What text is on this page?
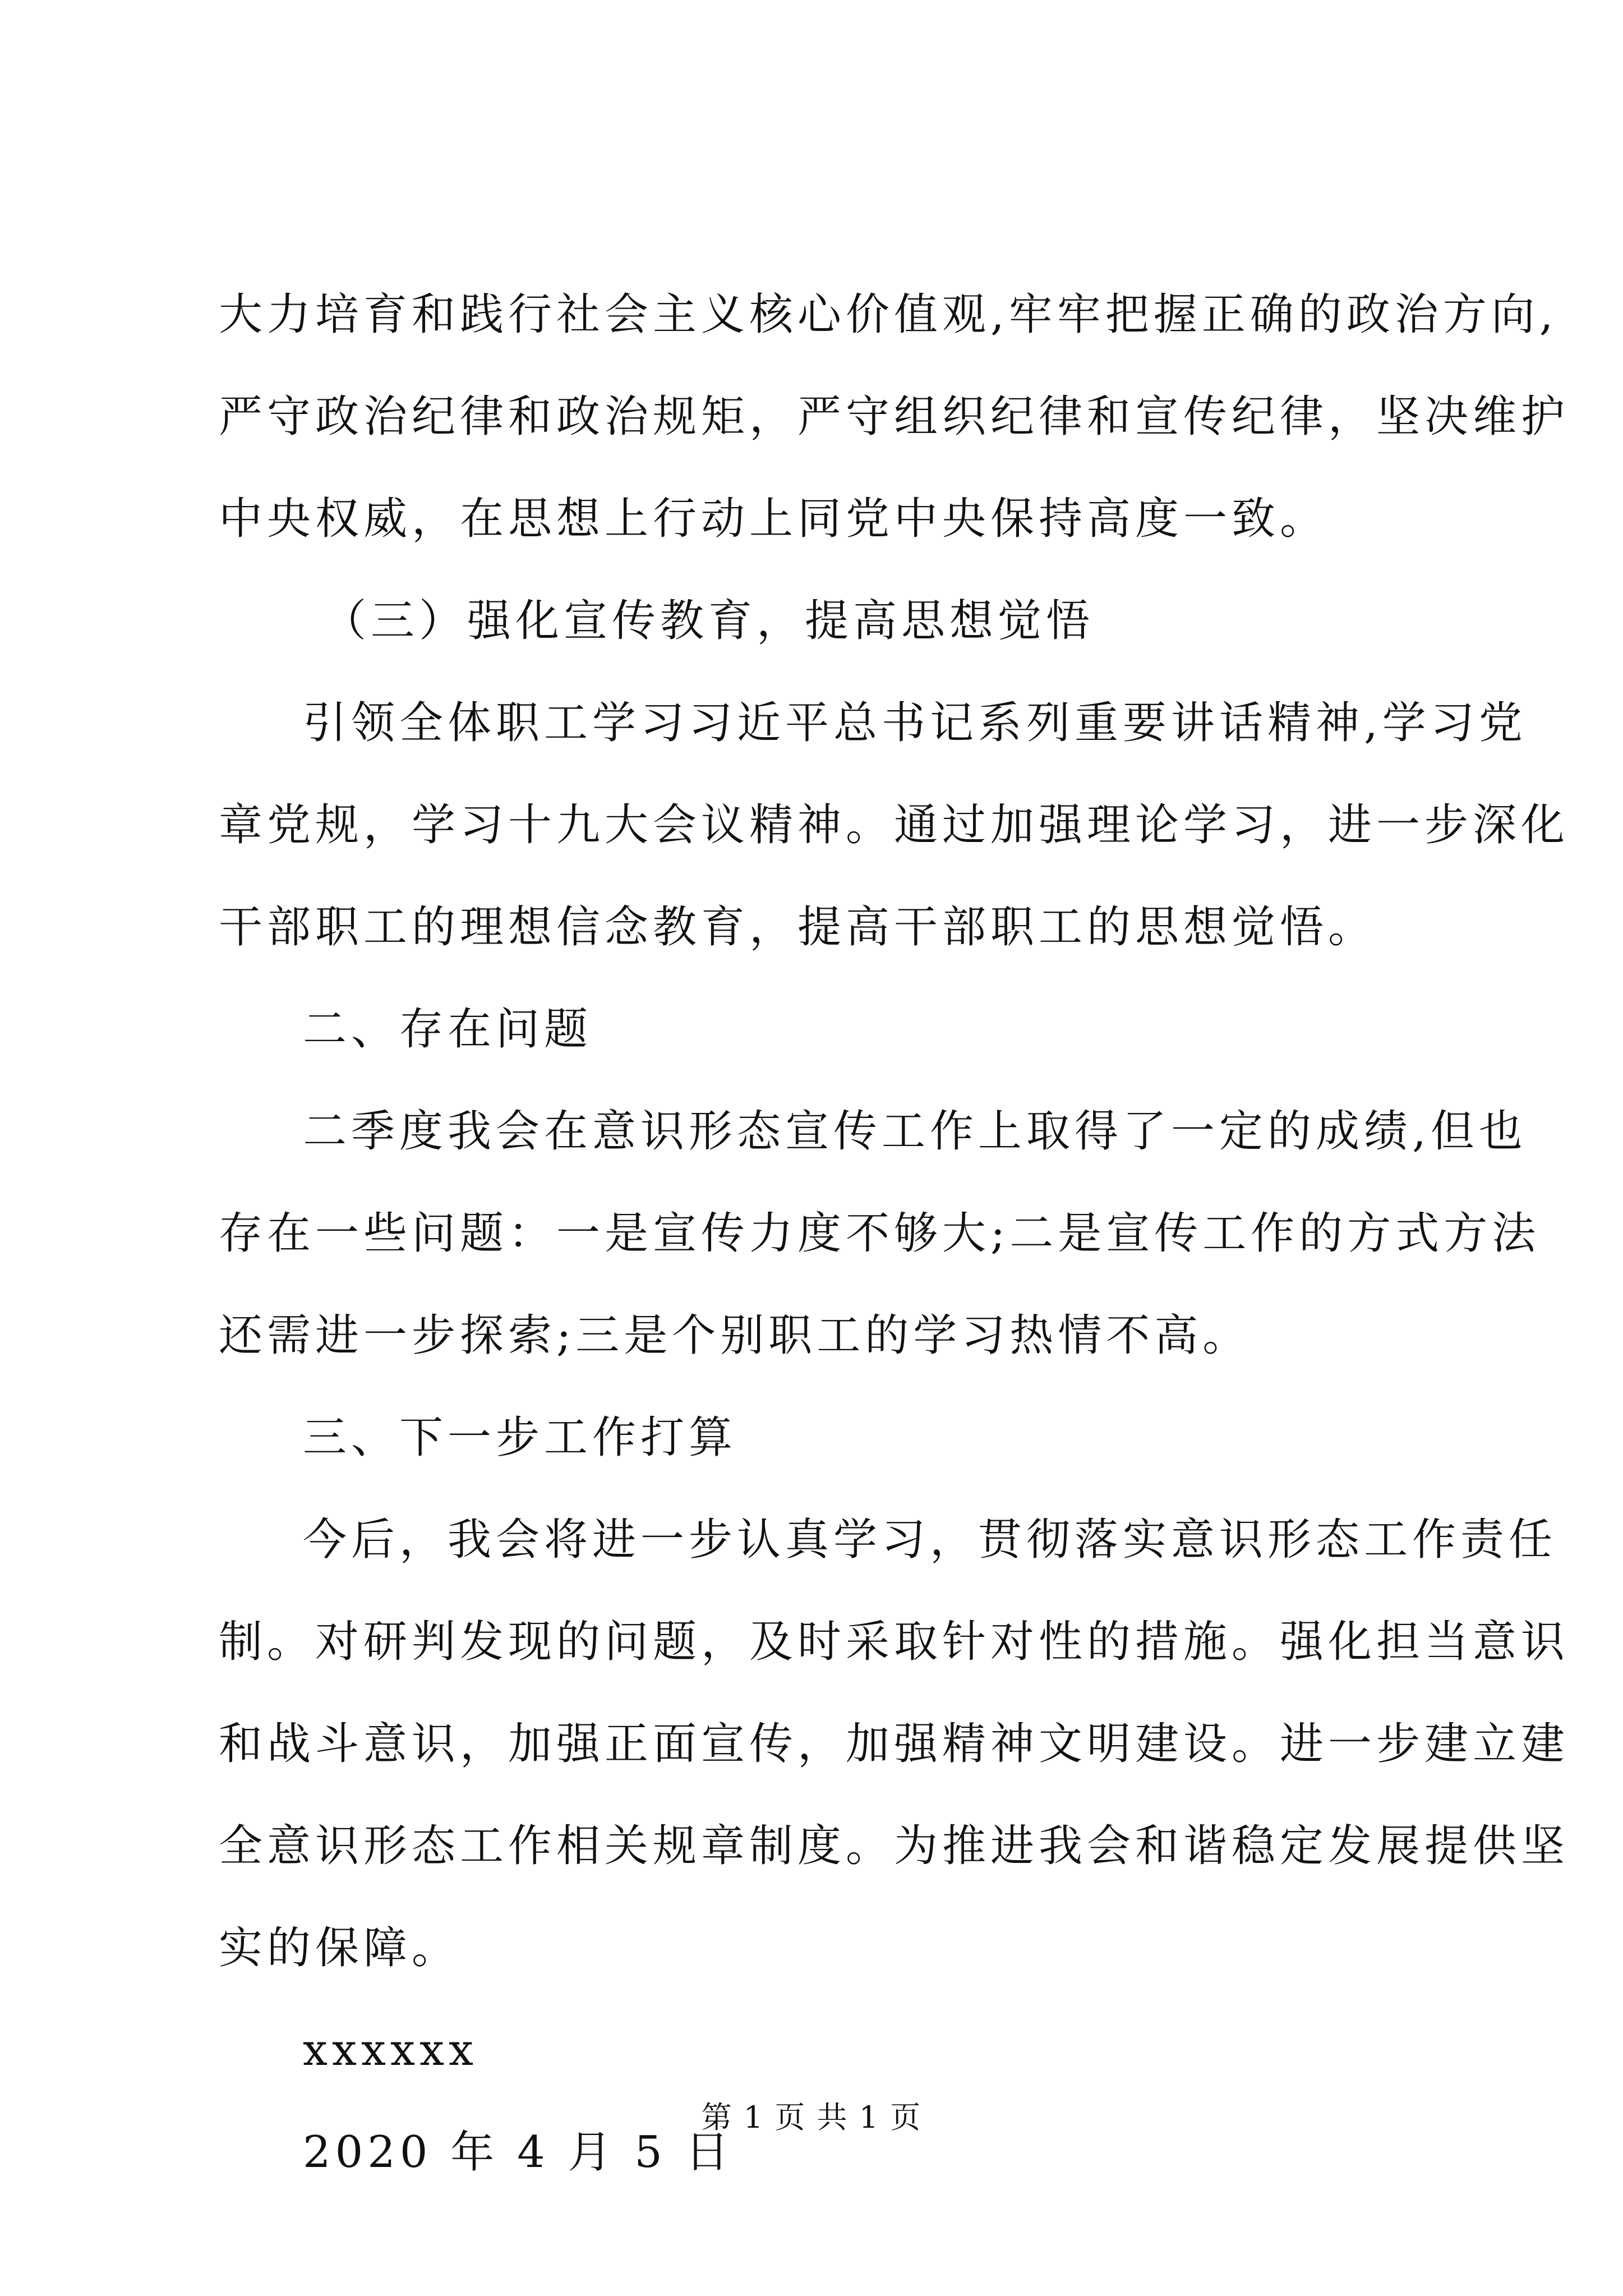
大力培育和践行社会主义核心价值观,牢牢把握正确的政治方向,
严守政治纪律和政治规矩，严守组织纪律和宣传纪律，坚决维护
中央权威，在思想上行动上同党中央保持高度一致。
（三）强化宣传教育，提高思想觉悟
引领全体职工学习习近平总书记系列重要讲话精神,学习党
章党规，学习十九大会议精神。通过加强理论学习，进一步深化
干部职工的理想信念教育，提高干部职工的思想觉悟。
二、存在问题
二季度我会在意识形态宣传工作上取得了一定的成绩,但也
存在一些问题：一是宣传力度不够大;二是宣传工作的方式方法
还需进一步探索;三是个别职工的学习热情不高。
三、下一步工作打算
今后，我会将进一步认真学习，贯彻落实意识形态工作责任
制。对研判发现的问题，及时采取针对性的措施。强化担当意识
和战斗意识，加强正面宣传，加强精神文明建设。进一步建立建
全意识形态工作相关规章制度。为推进我会和谐稳定发展提供坚
实的保障。
xxxxxx
2020 年 4 月 5 日
第 1 页 共 1 页
